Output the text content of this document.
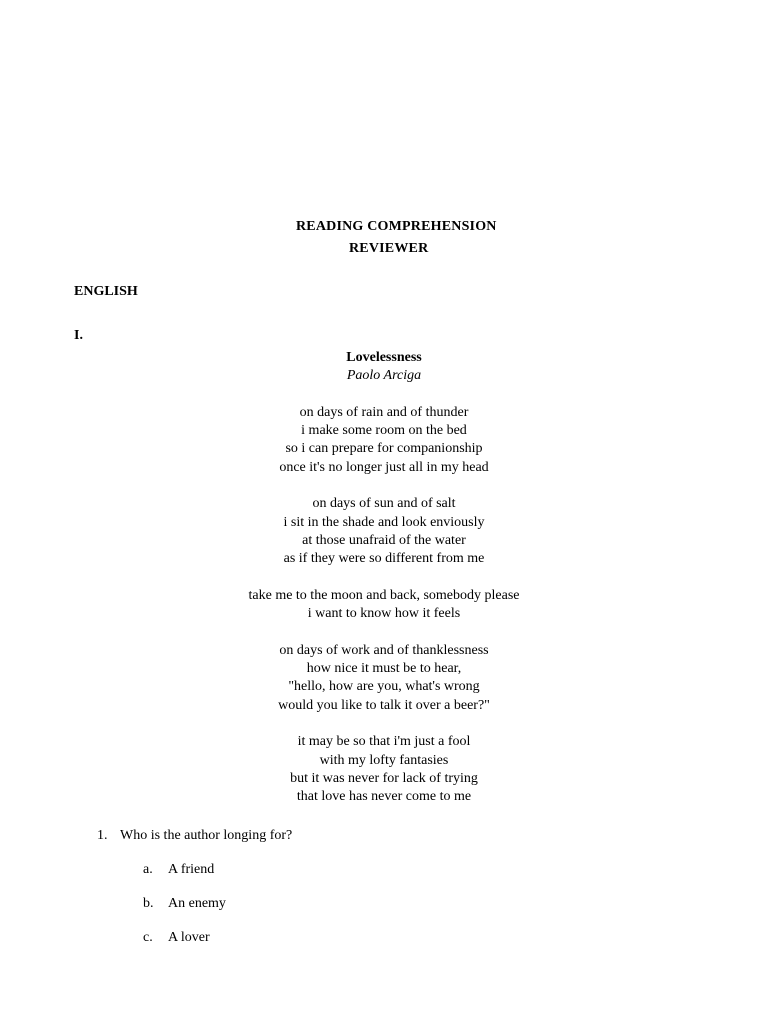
READING COMPREHENSION
REVIEWER
ENGLISH
I.
Lovelessness
Paolo Arciga
on days of rain and of thunder
i make some room on the bed
so i can prepare for companionship
once it's no longer just all in my head
on days of sun and of salt
i sit in the shade and look enviously
at those unafraid of the water
as if they were so different from me
take me to the moon and back, somebody please
i want to know how it feels
on days of work and of thanklessness
how nice it must be to hear,
"hello, how are you, what's wrong
would you like to talk it over a beer?"
it may be so that i'm just a fool
with my lofty fantasies
but it was never for lack of trying
that love has never come to me
1. Who is the author longing for?
a. A friend
b. An enemy
c. A lover
